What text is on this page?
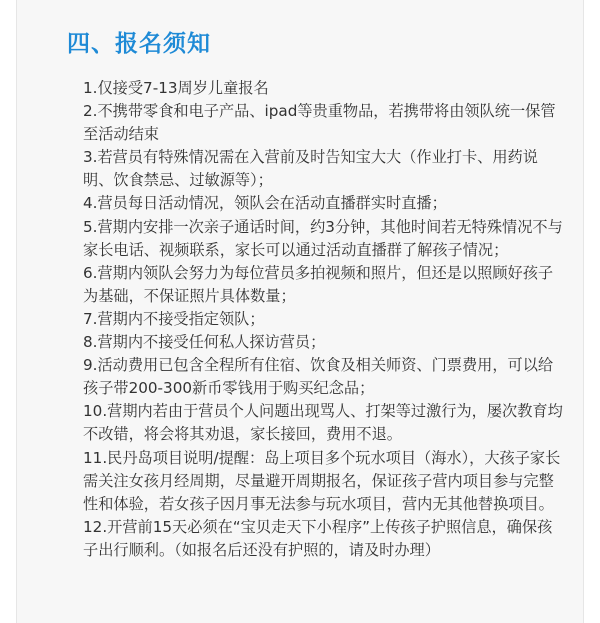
四、报名须知
1.仅接受7-13周岁儿童报名
2.不携带零食和电子产品、ipad等贵重物品，若携带将由领队统一保管至活动结束
3.若营员有特殊情况需在入营前及时告知宝大大（作业打卡、用药说明、饮食禁忌、过敏源等）；
4.营员每日活动情况，领队会在活动直播群实时直播；
5.营期内安排一次亲子通话时间，约3分钟，其他时间若无特殊情况不与家长电话、视频联系，家长可以通过活动直播群了解孩子情况；
6.营期内领队会努力为每位营员多拍视频和照片，但还是以照顾好孩子为基础，不保证照片具体数量；
7.营期内不接受指定领队；
8.营期内不接受任何私人探访营员；
9.活动费用已包含全程所有住宿、饮食及相关师资、门票费用，可以给孩子带200-300新币零钱用于购买纪念品；
10.营期内若由于营员个人问题出现骂人、打架等过激行为，屡次教育均不改错，将会将其劝退，家长接回，费用不退。
11.民丹岛项目说明/提醒：岛上项目多个玩水项目（海水），大孩子家长需关注女孩月经周期，尽量避开周期报名，保证孩子营内项目参与完整性和体验，若女孩子因月事无法参与玩水项目，营内无其他替换项目。
12.开营前15天必须在“宝贝走天下小程序”上传孩子护照信息，确保孩子出行顺利。（如报名后还没有护照的，请及时办理）
